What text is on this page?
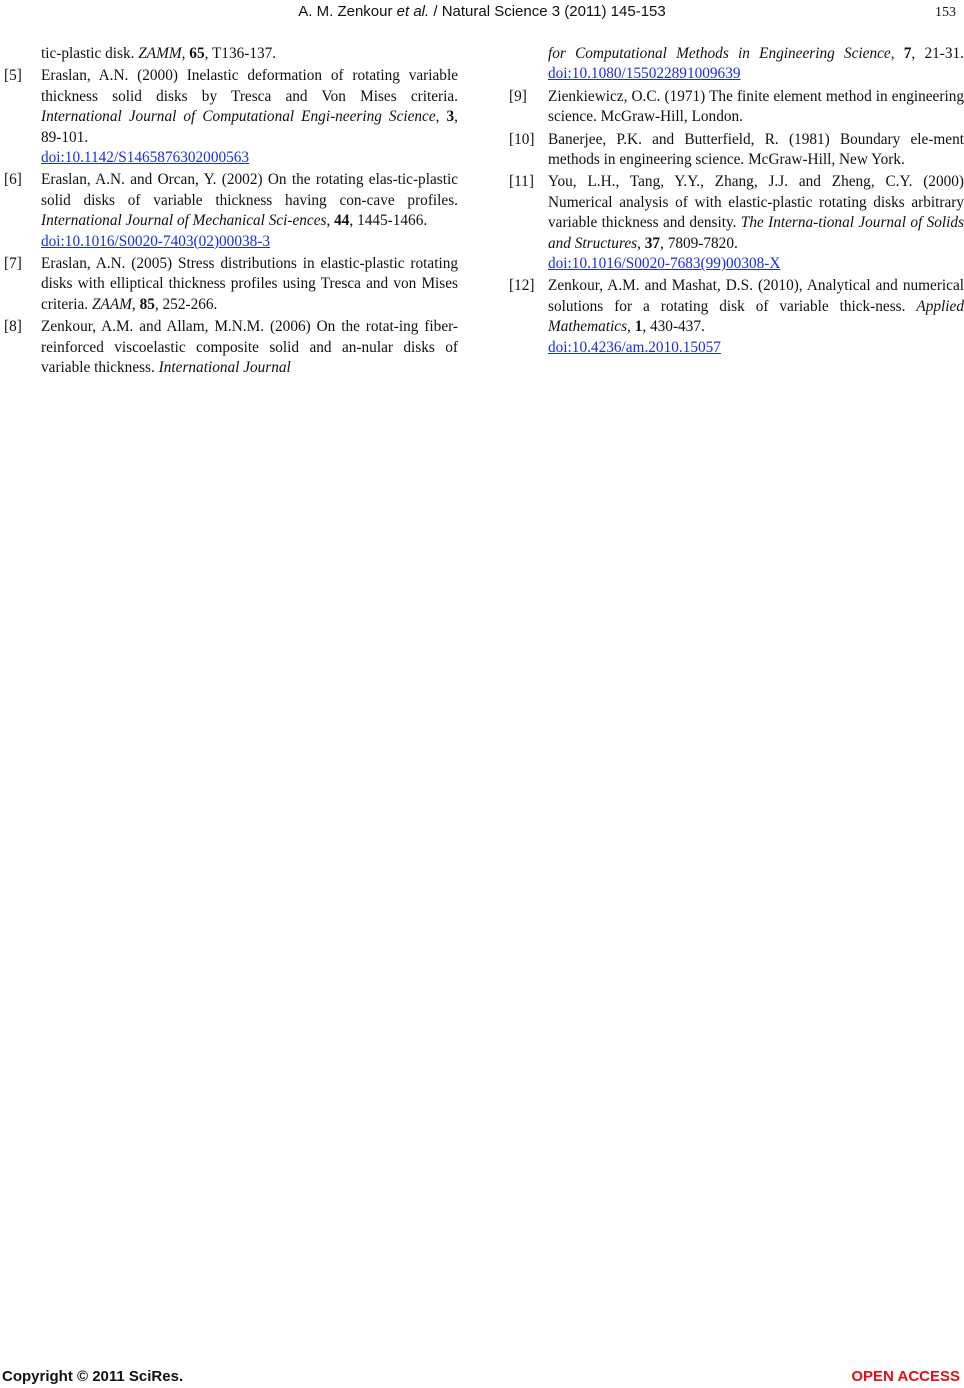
A. M. Zenkour et al. / Natural Science 3 (2011) 145-153	153
tic-plastic disk. ZAMM, 65, T136-137.
[5] Eraslan, A.N. (2000) Inelastic deformation of rotating variable thickness solid disks by Tresca and Von Mises criteria. International Journal of Computational Engi-neering Science, 3, 89-101.
doi:10.1142/S1465876302000563
[6] Eraslan, A.N. and Orcan, Y. (2002) On the rotating elas-tic-plastic solid disks of variable thickness having con-cave profiles. International Journal of Mechanical Sci-ences, 44, 1445-1466.
doi:10.1016/S0020-7403(02)00038-3
[7] Eraslan, A.N. (2005) Stress distributions in elastic-plastic rotating disks with elliptical thickness profiles using Tresca and von Mises criteria. ZAAM, 85, 252-266.
[8] Zenkour, A.M. and Allam, M.N.M. (2006) On the rotat-ing fiber-reinforced viscoelastic composite solid and an-nular disks of variable thickness. International Journal
for Computational Methods in Engineering Science, 7, 21-31. doi:10.1080/155022891009639
[9] Zienkiewicz, O.C. (1971) The finite element method in engineering science. McGraw-Hill, London.
[10] Banerjee, P.K. and Butterfield, R. (1981) Boundary ele-ment methods in engineering science. McGraw-Hill, New York.
[11] You, L.H., Tang, Y.Y., Zhang, J.J. and Zheng, C.Y. (2000) Numerical analysis of with elastic-plastic rotating disks arbitrary variable thickness and density. The Interna-tional Journal of Solids and Structures, 37, 7809-7820.
doi:10.1016/S0020-7683(99)00308-X
[12] Zenkour, A.M. and Mashat, D.S. (2010), Analytical and numerical solutions for a rotating disk of variable thick-ness. Applied Mathematics, 1, 430-437.
doi:10.4236/am.2010.15057
Copyright © 2011 SciRes.	OPEN ACCESS
